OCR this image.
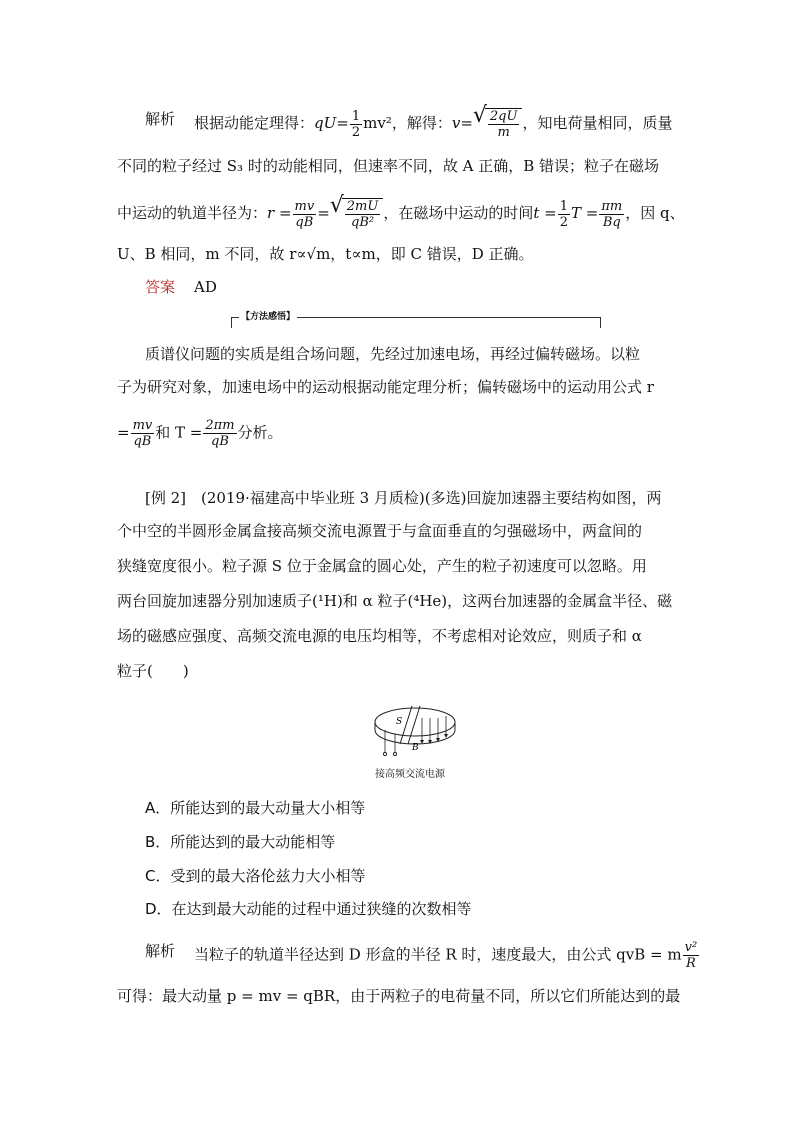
解析 根据动能定理得：$qU= \frac{1}{2} mv^2$，解得：v= √ $\frac{2qU}{m}$ ，知电荷量相同，质量
不同的粒子经过 S₃ 时的动能相同，但速率不同，故 A 正确，B 错误；粒子在磁场
中运动的轨道半径为：$r = \frac{mv}{qB}$ = √ $\frac{2mU}{\text{qB²}}$ ，在磁场中运动的时间$t = \frac{1}{2}$ $T = \frac{\pi m}{Bq}$ ，因 q、
U、B 相同，m 不同，故 r∝√m，t∝m，即 C 错误，D 正确。
答案 AD
【方法感悟】
质谱仪问题的实质是组合场问题，先经过加速电场，再经过偏转磁场。以粒
子为研究对象，加速电场中的运动根据动能定理分析；偏转磁场中的运动用公式 r
= $\frac{mv}{qB}$ 和 $T = \frac{2\pi m}{qB}$ 分析。
[例 2]　(2019·福建高中毕业班 3 月质检)(多选)回旋加速器主要结构如图，两
个中空的半圆形金属盒接高频交流电源置于与盒面垂直的匀强磁场中，两盒间的
狭缝宽度很小。粒子源 S 位于金属盒的圆心处，产生的粒子初速度可以忽略。用
两台回旋加速器分别加速质子(¹H)和 α 粒子(⁴He)，这两台加速器的金属盒半径、磁
场的磁感应强度、高频交流电源的电压均相等，不考虑相对论效应，则质子和 α
粒子(　　)
S
B
接高频交流电源
A．所能达到的最大动量大小相等
B．所能达到的最大动能相等
C．受到的最大洛伦兹力大小相等
D．在达到最大动能的过程中通过狭缝的次数相等
解析 当粒子的轨道半径达到 D 形盒的半径 R 时，速度最大，由公式 qvB = m $\frac{\text{v²}}{R}$
可得：最大动量 p = mv = qBR，由于两粒子的电荷量不同，所以它们所能达到的最
